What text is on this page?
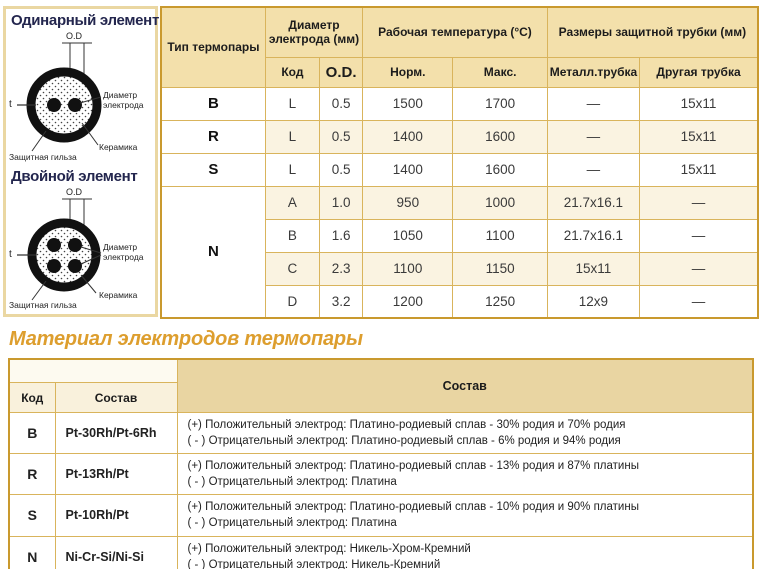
Одинарный элемент
O.D
t
Диаметр электрода
Керамика
Защитная гильза
Двойной элемент
O.D
t
Диаметр электрода
Керамика
Защитная гильза
Тип термопары	Диаметр электрода (мм)		Рабочая температура (°C)		Размеры защитной трубки (мм)	
	Код	O.D.	Норм.	Макс.	Металл.трубка	Другая трубка
B	L	0.5	1500	1700	—	15x11
R	L	0.5	1400	1600	—	15x11
S	L	0.5	1400	1600	—	15x11
N	A	1.0	950	1000	21.7x16.1	—
	B	1.6	1050	1100	21.7x16.1	—
	C	2.3	1100	1150	15x11	—
	D	3.2	1200	1250	12x9	—
Материал электродов термопары
		Состав
Код	Состав	
B	Pt-30Rh/Pt-6Rh	(+) Положительный электрод: Платино-родиевый сплав - 30% родия и 70% родия
( - ) Отрицательный электрод: Платино-родиевый сплав - 6% родия и 94% родия

R	Pt-13Rh/Pt	(+) Положительный электрод: Платино-родиевый сплав - 13% родия и 87% платины
( - ) Отрицательный электрод: Платина

S	Pt-10Rh/Pt	(+) Положительный электрод: Платино-родиевый сплав - 10% родия и 90% платины
( - ) Отрицательный электрод: Платина

N	Ni-Cr-Si/Ni-Si	(+) Положительный электрод: Никель-Хром-Кремний
( - ) Отрицательный электрод: Никель-Кремний
